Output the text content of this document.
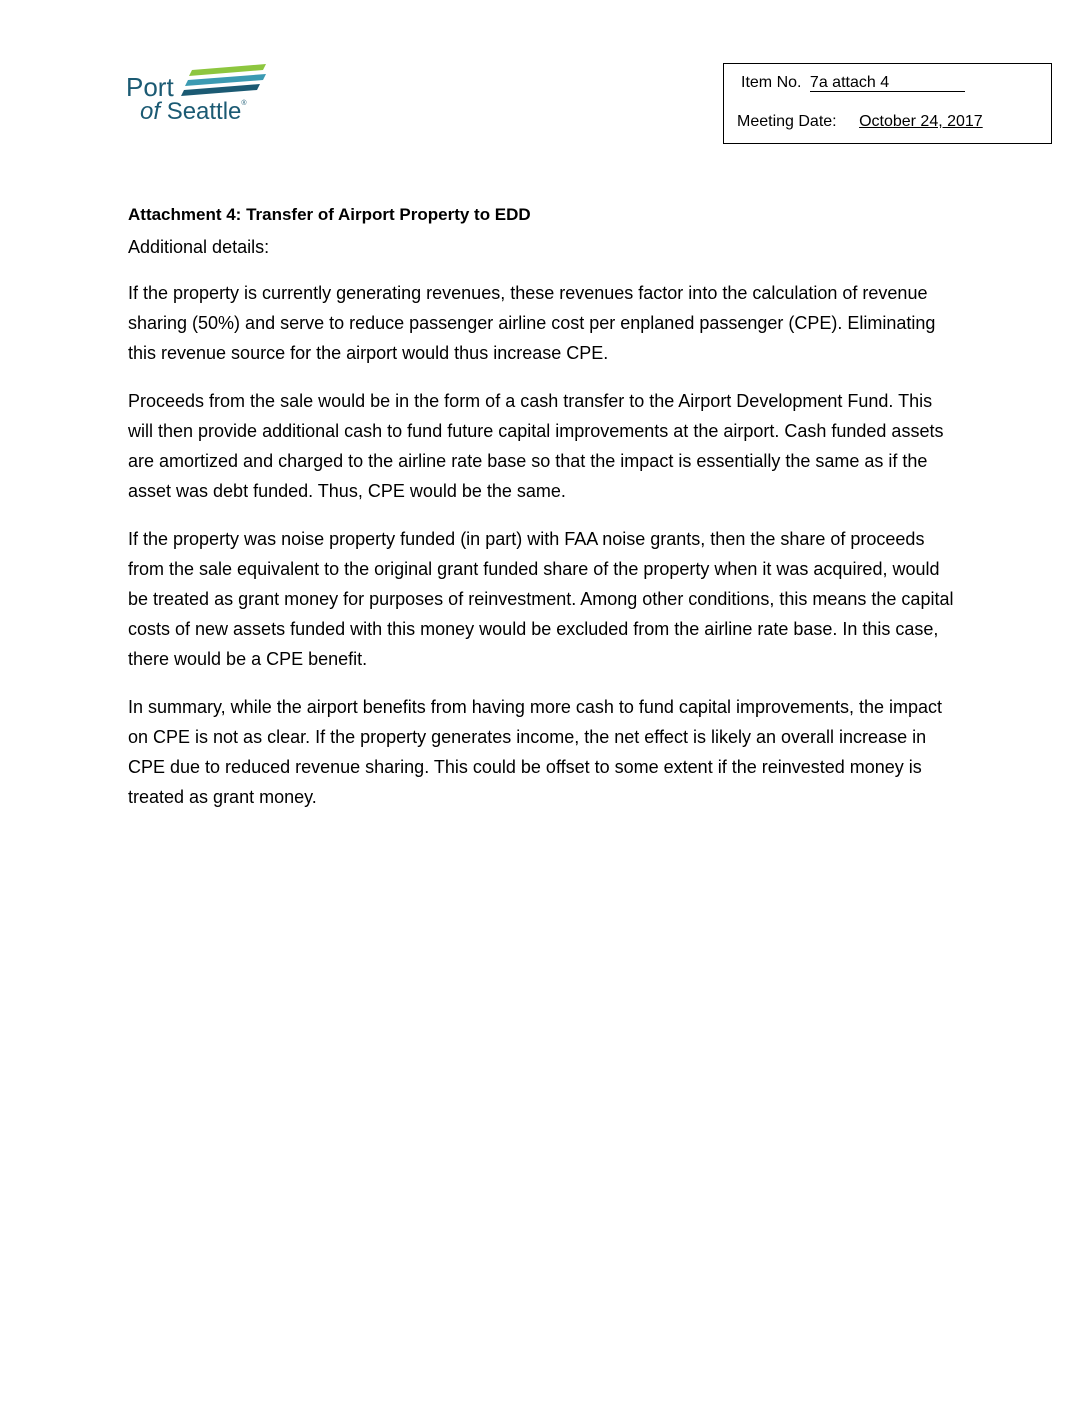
Port
of Seattle®
Item No. 7a attach 4
Meeting Date: October 24, 2017
Attachment 4: Transfer of Airport Property to EDD
Additional details:

If the property is currently generating revenues, these revenues factor into the calculation of revenue sharing (50%) and serve to reduce passenger airline cost per enplaned passenger (CPE). Eliminating this revenue source for the airport would thus increase CPE.

Proceeds from the sale would be in the form of a cash transfer to the Airport Development Fund. This will then provide additional cash to fund future capital improvements at the airport. Cash funded assets are amortized and charged to the airline rate base so that the impact is essentially the same as if the asset was debt funded. Thus, CPE would be the same.

If the property was noise property funded (in part) with FAA noise grants, then the share of proceeds from the sale equivalent to the original grant funded share of the property when it was acquired, would be treated as grant money for purposes of reinvestment. Among other conditions, this means the capital costs of new assets funded with this money would be excluded from the airline rate base. In this case, there would be a CPE benefit.

In summary, while the airport benefits from having more cash to fund capital improvements, the impact on CPE is not as clear. If the property generates income, the net effect is likely an overall increase in CPE due to reduced revenue sharing. This could be offset to some extent if the reinvested money is treated as grant money.
